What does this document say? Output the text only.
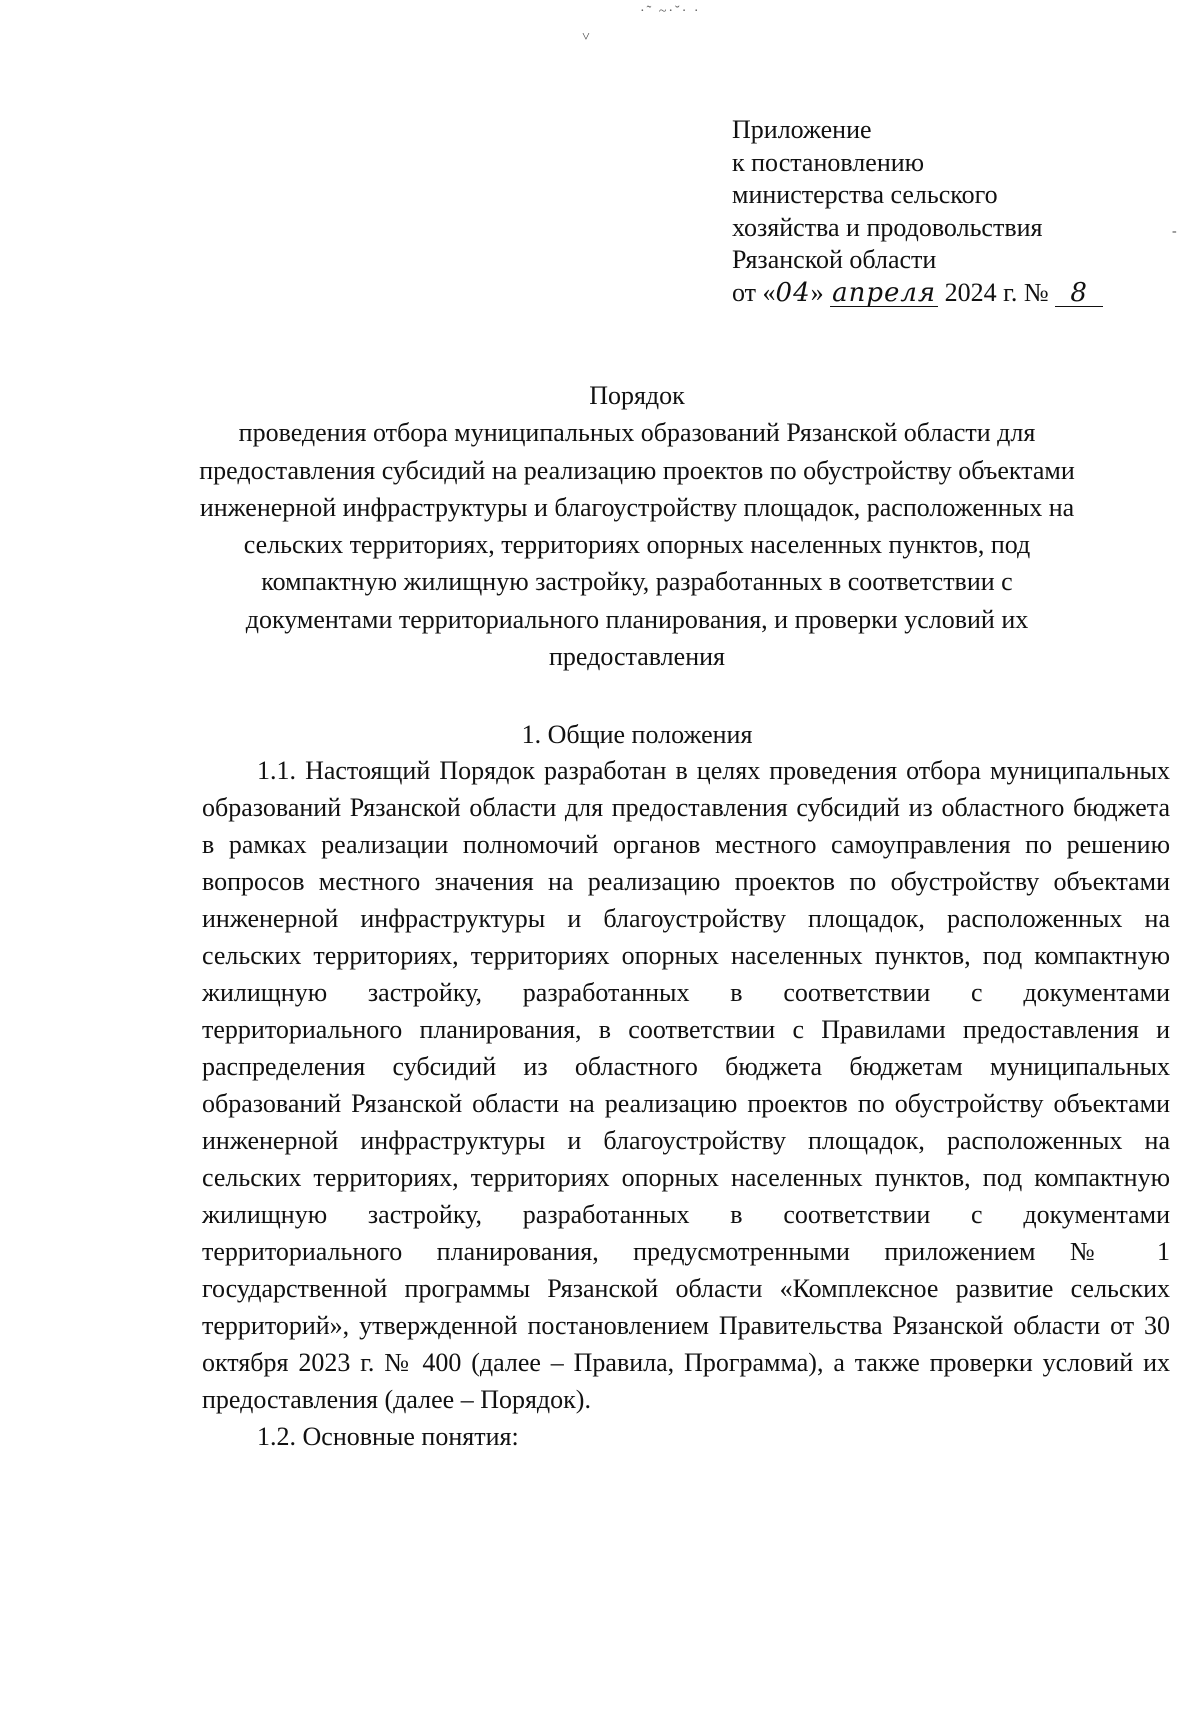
·˜ ~·˘· ·
˅
-
Приложение
к постановлению
министерства сельского
хозяйства и продовольствия
Рязанской области
от «04» апреля 2024 г. № 8
Порядок
проведения отбора муниципальных образований Рязанской области для предоставления субсидий на реализацию проектов по обустройству объектами инженерной инфраструктуры и благоустройству площадок, расположенных на сельских территориях, территориях опорных населенных пунктов, под компактную жилищную застройку, разработанных в соответствии с документами территориального планирования, и проверки условий их предоставления
1. Общие положения

1.1. Настоящий Порядок разработан в целях проведения отбора муниципальных образований Рязанской области для предоставления субсидий из областного бюджета в рамках реализации полномочий органов местного самоуправления по решению вопросов местного значения на реализацию проектов по обустройству объектами инженерной инфраструктуры и благоустройству площадок, расположенных на сельских территориях, территориях опорных населенных пунктов, под компактную жилищную застройку, разработанных в соответствии с документами территориального планирования, в соответствии с Правилами предоставления и распределения субсидий из областного бюджета бюджетам муниципальных образований Рязанской области на реализацию проектов по обустройству объектами инженерной инфраструктуры и благоустройству площадок, расположенных на сельских территориях, территориях опорных населенных пунктов, под компактную жилищную застройку, разработанных в соответствии с документами территориального планирования, предусмотренными приложением № 1 государственной программы Рязанской области «Комплексное развитие сельских территорий», утвержденной постановлением Правительства Рязанской области от 30 октября 2023 г. № 400 (далее – Правила, Программа), а также проверки условий их предоставления (далее – Порядок).

1.2. Основные понятия:
